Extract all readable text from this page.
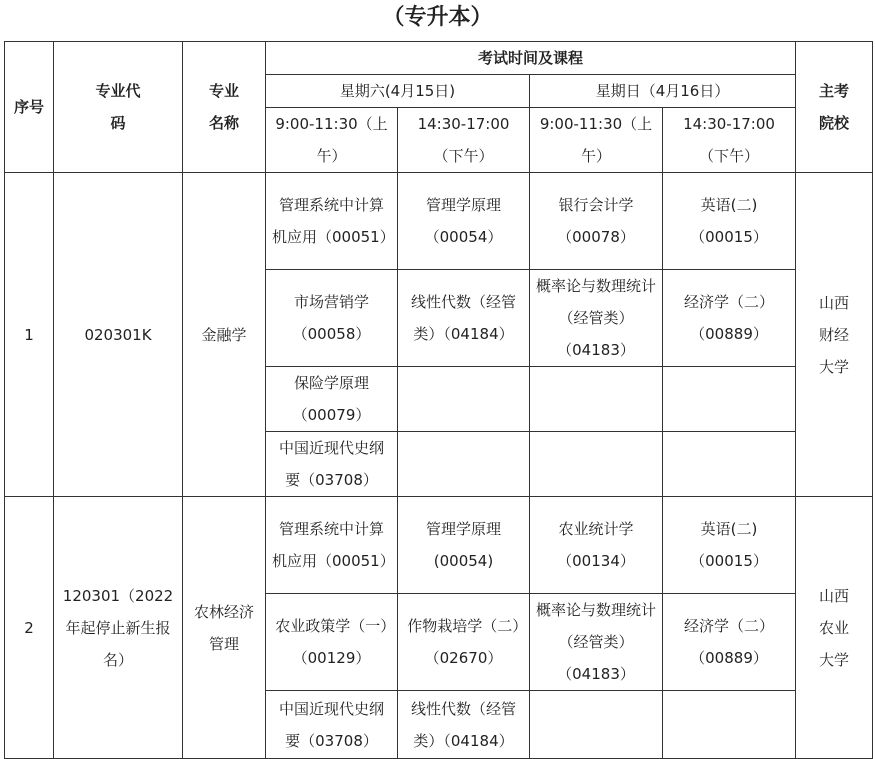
（专升本）
序号	专业代码	专业名称	考试时间及课程				主考院校
			星期六(4月15日)		星期日（4月16日）		
			9:00-11:30（上午）	14:30-17:00（下午）	9:00-11:30（上午）	14:30-17:00（下午）	
1	020301K	金融学	管理系统中计算机应用（00051）	管理学原理（00054）	银行会计学（00078）	英语(二)（00015）	山西财经大学
			市场营销学（00058）	线性代数（经管类）（04184）	概率论与数理统计（经管类）（04183）	经济学（二）（00889）	
			保险学原理（00079）				
			中国近现代史纲要（03708）				
2	120301（2022年起停止新生报名）	农林经济管理	管理系统中计算机应用（00051）	管理学原理(00054)	农业统计学（00134）	英语(二)（00015）	山西农业大学
			农业政策学（一）（00129）	作物栽培学（二）（02670）	概率论与数理统计（经管类）（04183）	经济学（二）（00889）	
			中国近现代史纲要（03708）	线性代数（经管类）（04184）			
